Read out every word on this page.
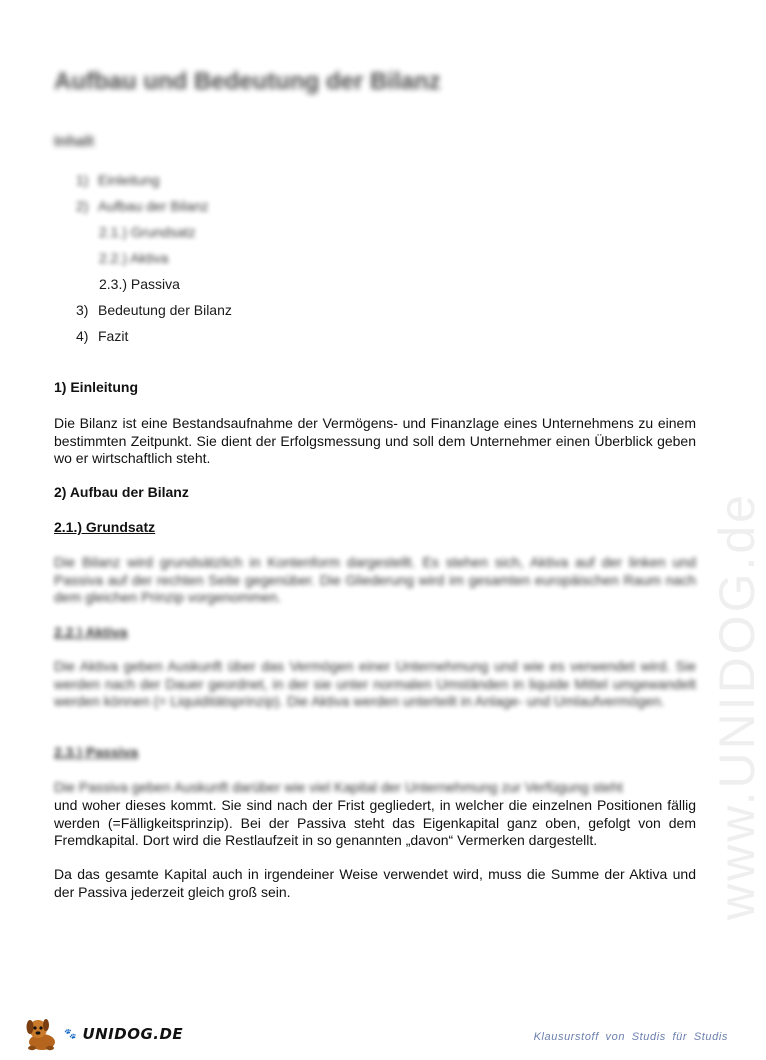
Aufbau und Bedeutung der Bilanz
Inhalt
1) Einleitung
2) Aufbau der Bilanz
2.1.) Grundsatz
2.2.) Aktiva
2.3.) Passiva
3) Bedeutung der Bilanz
4) Fazit
1) Einleitung

Die Bilanz ist eine Bestandsaufnahme der Vermögens- und Finanzlage eines Unternehmens zu einem bestimmten Zeitpunkt. Sie dient der Erfolgsmessung und soll dem Unternehmer einen Überblick geben wo er wirtschaftlich steht.

2) Aufbau der Bilanz
2.1.) Grundsatz

Die Bilanz wird grundsätzlich in Kontenform dargestellt. Es stehen sich, Aktiva auf der linken und Passiva auf der rechten Seite gegenüber. Die Gliederung wird im gesamten europäischen Raum nach dem gleichen Prinzip vorgenommen.

2.2.) Aktiva

Die Aktiva geben Auskunft über das Vermögen einer Unternehmung und wie es verwendet wird. Sie werden nach der Dauer geordnet, in der sie unter normalen Umständen in liquide Mittel umgewandelt werden können (= Liquiditätsprinzip). Die Aktiva werden unterteilt in Anlage- und Umlaufvermögen.

2.3.) Passiva

Die Passiva geben Auskunft darüber wie viel Kapital der Unternehmung zur Verfügung steht

und woher dieses kommt. Sie sind nach der Frist gegliedert, in welcher die einzelnen Positionen fällig werden (=Fälligkeitsprinzip). Bei der Passiva steht das Eigenkapital ganz oben, gefolgt von dem Fremdkapital. Dort wird die Restlaufzeit in so genannten „davon“ Vermerken dargestellt.

Da das gesamte Kapital auch in irgendeiner Weise verwendet wird, muss die Summe der Aktiva und der Passiva jederzeit gleich groß sein.	www.UNIDOG.de
🐾 UNIDOG.DE	Klausurstoff von Studis für Studis
